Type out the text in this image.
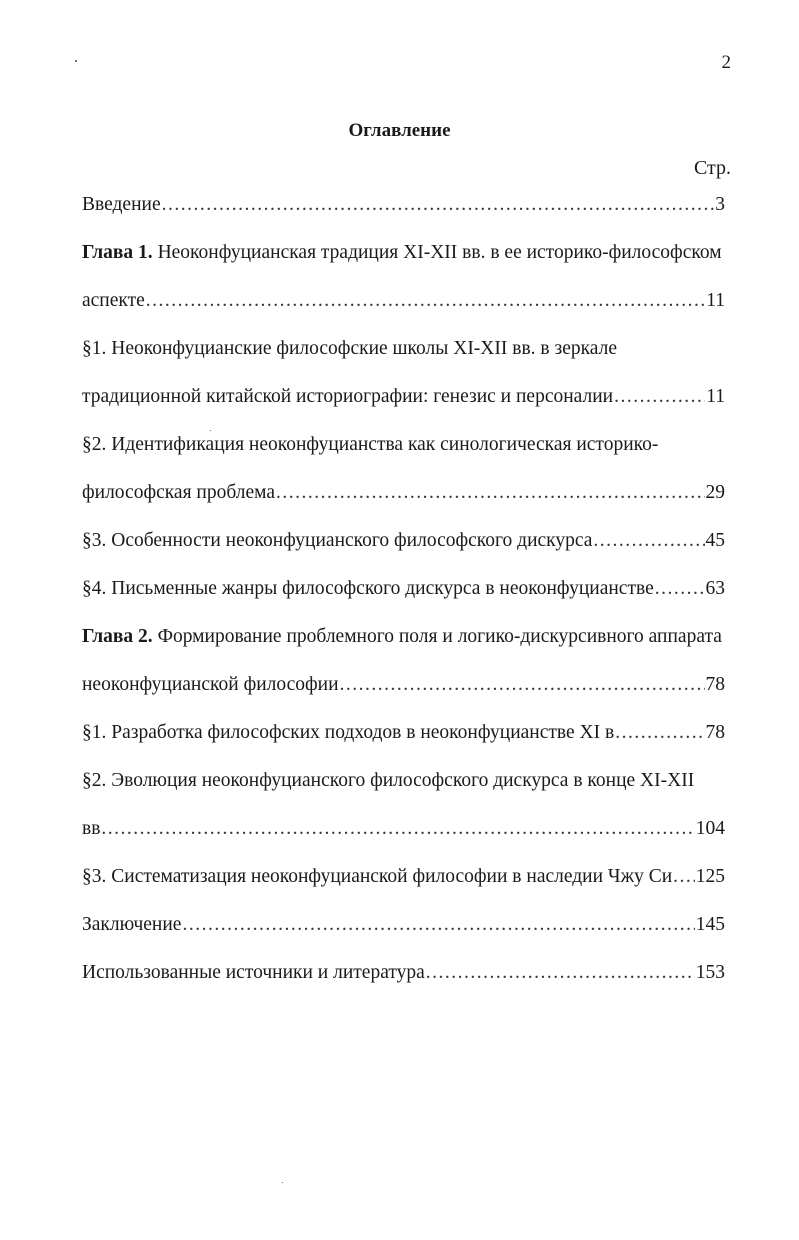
2
Оглавление
Стр.
Введение .....	3
Глава 1. Неоконфуцианская традиция XI-XII вв. в ее историко-философском
аспекте .....	11
§1. Неоконфуцианские философские школы XI-XII вв. в зеркале
традиционной китайской историографии: генезис и персоналии .....	11
§2. Идентификация неоконфуцианства как синологическая историко-
философская проблема .....	29
§3. Особенности неоконфуцианского философского дискурса .....	45
§4. Письменные жанры философского дискурса в неоконфуцианстве .....	63
Глава 2. Формирование проблемного поля и логико-дискурсивного аппарата
неоконфуцианской философии .....	78
§1. Разработка философских подходов в неоконфуцианстве XI в .....	78
§2. Эволюция неоконфуцианского философского дискурса в конце XI-XII
вв .....	104
§3. Систематизация неоконфуцианской философии в наследии Чжу Си ..... 125
Заключение .....	145
Использованные источники и литература .....	153
